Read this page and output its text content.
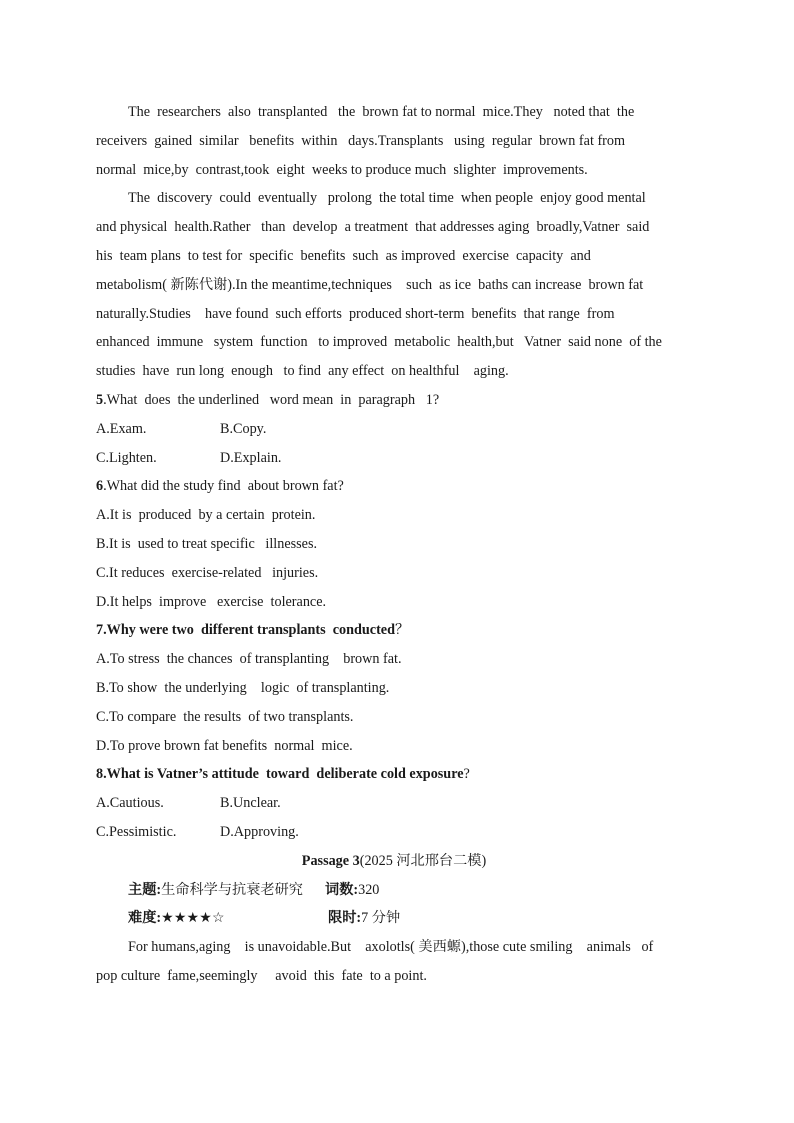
The  researchers  also  transplanted   the  brown fat to normal  mice.They   noted that  the
receivers  gained  similar   benefits  within   days.Transplants   using  regular  brown fat from
normal  mice,by  contrast,took  eight  weeks to produce much  slighter  improvements.
The  discovery  could  eventually   prolong  the total time  when people  enjoy good mental
and physical  health.Rather   than  develop  a treatment  that addresses aging  broadly,Vatner  said
his  team plans  to test for  specific  benefits  such  as improved  exercise  capacity  and
metabolism( 新陈代谢).In the meantime,techniques    such  as ice  baths can increase  brown fat
naturally.Studies    have found  such efforts  produced short-term  benefits  that range  from
enhanced  immune   system  function   to improved  metabolic  health,but   Vatner  said none  of the
studies  have  run long  enough   to find  any effect  on healthful    aging.
5.What  does  the underlined   word mean  in  paragraph   1?
A.Exam.	B.Copy.
C.Lighten.	D.Explain.
6.What did the study find  about brown fat?
A.It is  produced  by a certain  protein.
B.It is  used to treat specific   illnesses.
C.It reduces  exercise-related   injuries.
D.It helps  improve   exercise  tolerance.
7.Why were two  different transplants  conducted？
A.To stress  the chances  of transplanting    brown fat.
B.To show  the underlying    logic  of transplanting.
C.To compare  the results  of two transplants.
D.To prove brown fat benefits  normal  mice.
8.What is Vatner’s attitude  toward  deliberate cold exposure?
A.Cautious.	B.Unclear.
C.Pessimistic.	D.Approving.
Passage 3(2025 河北邢台二模)
主题:生命科学与抗衰老研究	词数:320
难度:★★★★☆	限时:7 分钟
For humans,aging    is unavoidable.But    axolotls( 美西螈),those cute smiling    animals   of
pop culture  fame,seemingly     avoid  this  fate  to a point.
